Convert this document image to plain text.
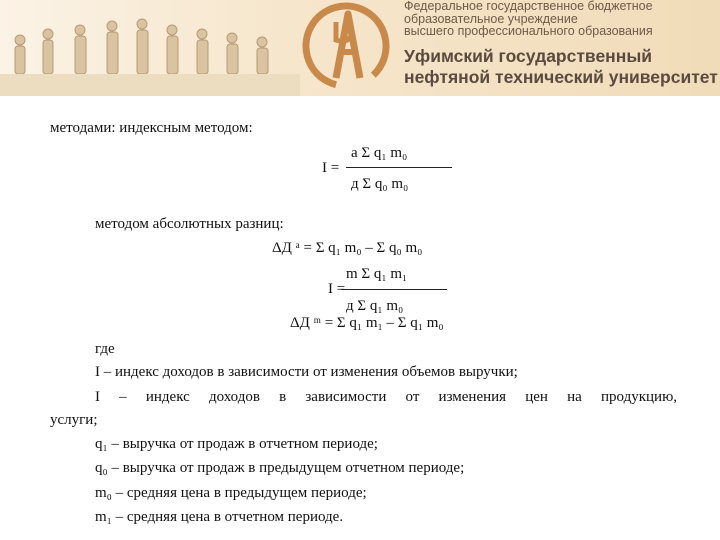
Федеральное государственное бюджетное
образовательное учреждение
высшего профессионального образования
Уфимский государственный
нефтяной технический университет
методами: индексным методом:
а Σ q₁ m₀
I =
д Σ q₀ m₀
методом абсолютных разниц:
ΔД ᵃ = Σ q₁ m₀ – Σ q₀ m₀
m Σ q₁ m₁
I =
д Σ q₁ m₀
ΔД ᵐ = Σ q₁ m₁ – Σ q₁ m₀
где
I – индекс доходов в зависимости от изменения объемов выручки;
I – индекс доходов в зависимости от изменения цен на продукцию,
услуги;
q₁ – выручка от продаж в отчетном периоде;
q₀ – выручка от продаж в предыдущем отчетном периоде;
m₀ – средняя цена в предыдущем периоде;
m₁ – средняя цена в отчетном периоде.
